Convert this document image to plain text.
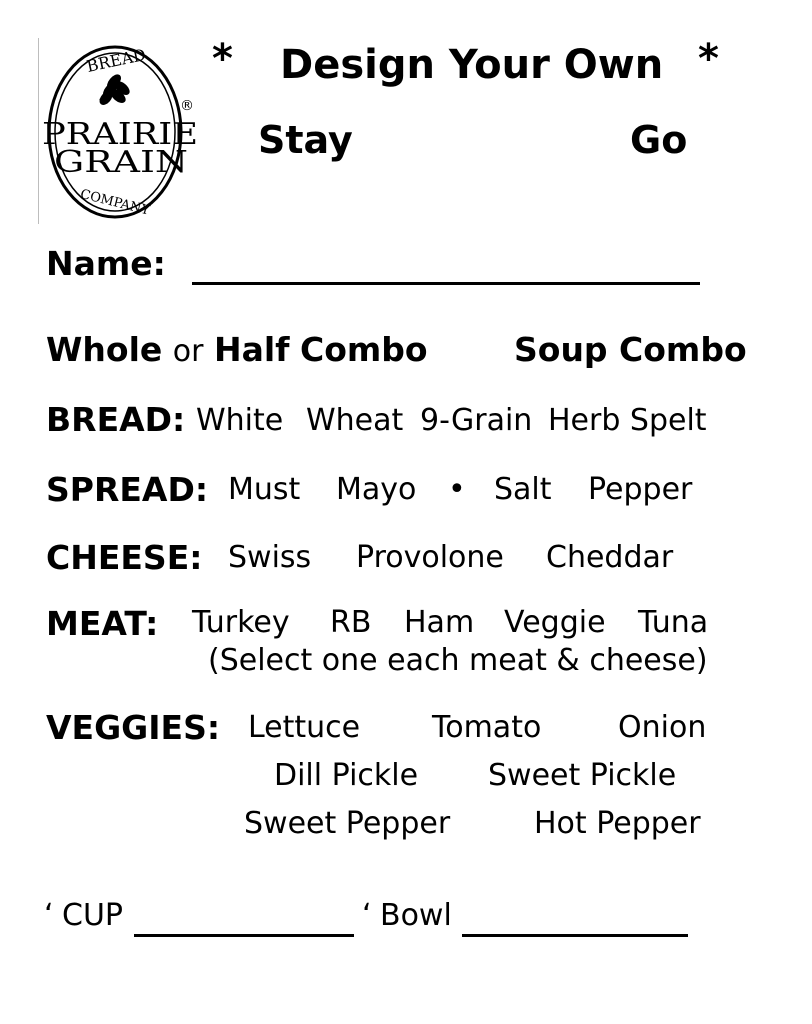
BREAD
PRAIRIE
GRAIN
COMPANY
®
* Design Your Own *
Stay	Go
Name:
Whole or Half Combo	Soup Combo
BREAD: White Wheat 9-Grain Herb Spelt
SPREAD: Must Mayo • Salt Pepper
CHEESE: Swiss Provolone Cheddar
MEAT: Turkey RB Ham Veggie Tuna
(Select one each meat & cheese)
VEGGIES: Lettuce Tomato	Onion
Dill Pickle Sweet Pickle
Sweet Pepper	Hot Pepper
‘ CUP	‘ Bowl
